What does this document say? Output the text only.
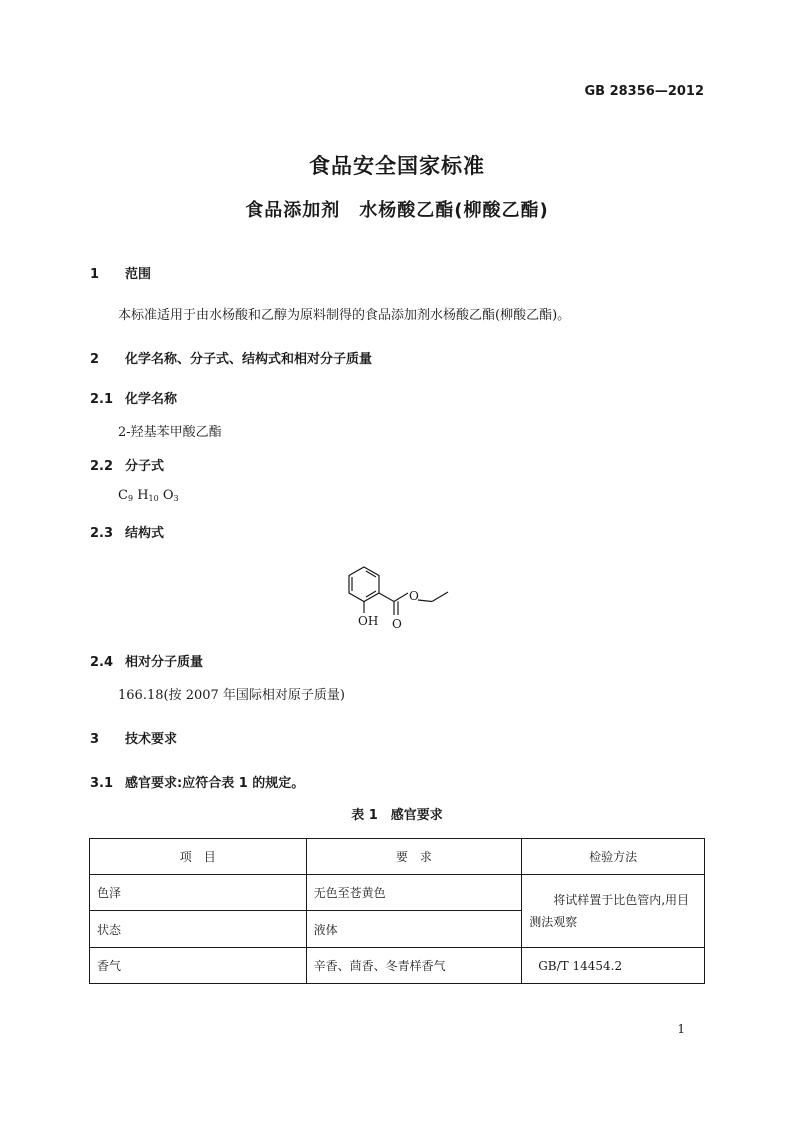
GB 28356—2012
食品安全国家标准
食品添加剂　水杨酸乙酯(柳酸乙酯)
1 范围
本标准适用于由水杨酸和乙醇为原料制得的食品添加剂水杨酸乙酯(柳酸乙酯)。
2 化学名称、分子式、结构式和相对分子质量
2.1 化学名称
2-羟基苯甲酸乙酯
2.2 分子式
$C_9$ $H_{10}$ $O_3$
2.3 结构式
OH
O
O
2.4 相对分子质量
166.18(按 2007 年国际相对原子质量)
3 技术要求
3.1 感官要求:应符合表 1 的规定。
表 1　感官要求
项　目	要　求	检验方法
色泽	无色至苍黄色	将试样置于比色管内,用目测法观察
状态	液体	
香气	辛香、茴香、冬青样香气	GB/T 14454.2
1
